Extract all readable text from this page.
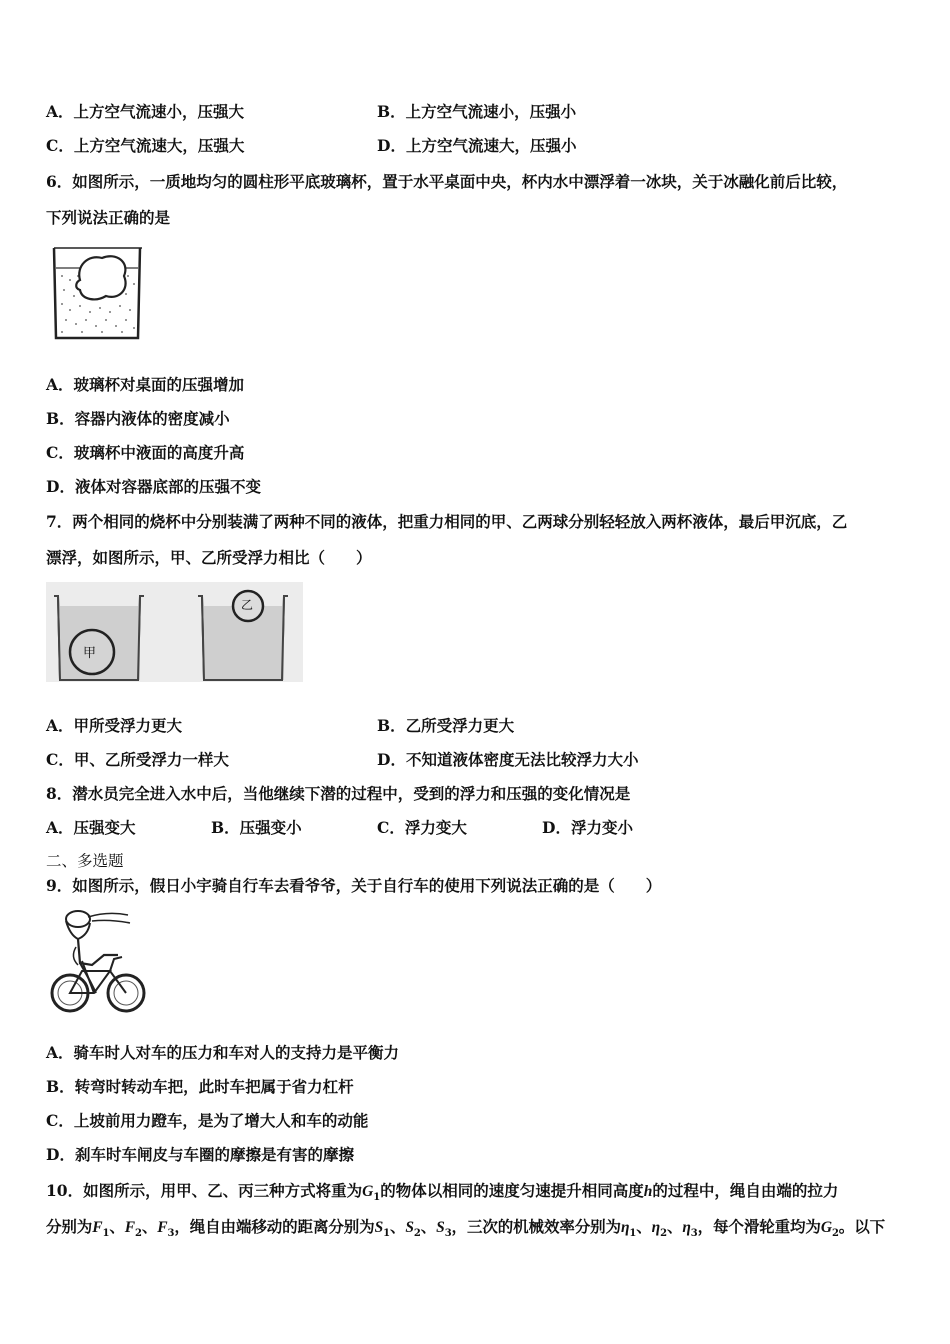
A．上方空气流速小，压强大	B．上方空气流速小，压强小
C．上方空气流速大，压强大	D．上方空气流速大，压强小
6．如图所示，一质地均匀的圆柱形平底玻璃杯，置于水平桌面中央，杯内水中漂浮着一冰块，关于冰融化前后比较，
下列说法正确的是
A．玻璃杯对桌面的压强增加
B．容器内液体的密度减小
C．玻璃杯中液面的高度升高
D．液体对容器底部的压强不变
7．两个相同的烧杯中分别装满了两种不同的液体，把重力相同的甲、乙两球分别轻轻放入两杯液体，最后甲沉底，乙
漂浮，如图所示，甲、乙所受浮力相比（　　）
甲
乙
A．甲所受浮力更大	B．乙所受浮力更大
C．甲、乙所受浮力一样大	D．不知道液体密度无法比较浮力大小
8．潜水员完全进入水中后，当他继续下潜的过程中，受到的浮力和压强的变化情况是
A．压强变大	B．压强变小	C．浮力变大	D．浮力变小
二、多选题
9．如图所示，假日小宇骑自行车去看爷爷，关于自行车的使用下列说法正确的是（　　）
A．骑车时人对车的压力和车对人的支持力是平衡力
B．转弯时转动车把，此时车把属于省力杠杆
C．上坡前用力蹬车，是为了增大人和车的动能
D．刹车时车闸皮与车圈的摩擦是有害的摩擦
10．如图所示，用甲、乙、丙三种方式将重为$G_1$的物体以相同的速度匀速提升相同高度h的过程中，绳自由端的拉力
分别为$F_1$、$F_2$、$F_3$，绳自由端移动的距离分别为$S_1$、$S_2$、$S_3$，三次的机械效率分别为$\eta_1$、$\eta_2$、$\eta_3$，每个滑轮重均为$G_2$。以下
